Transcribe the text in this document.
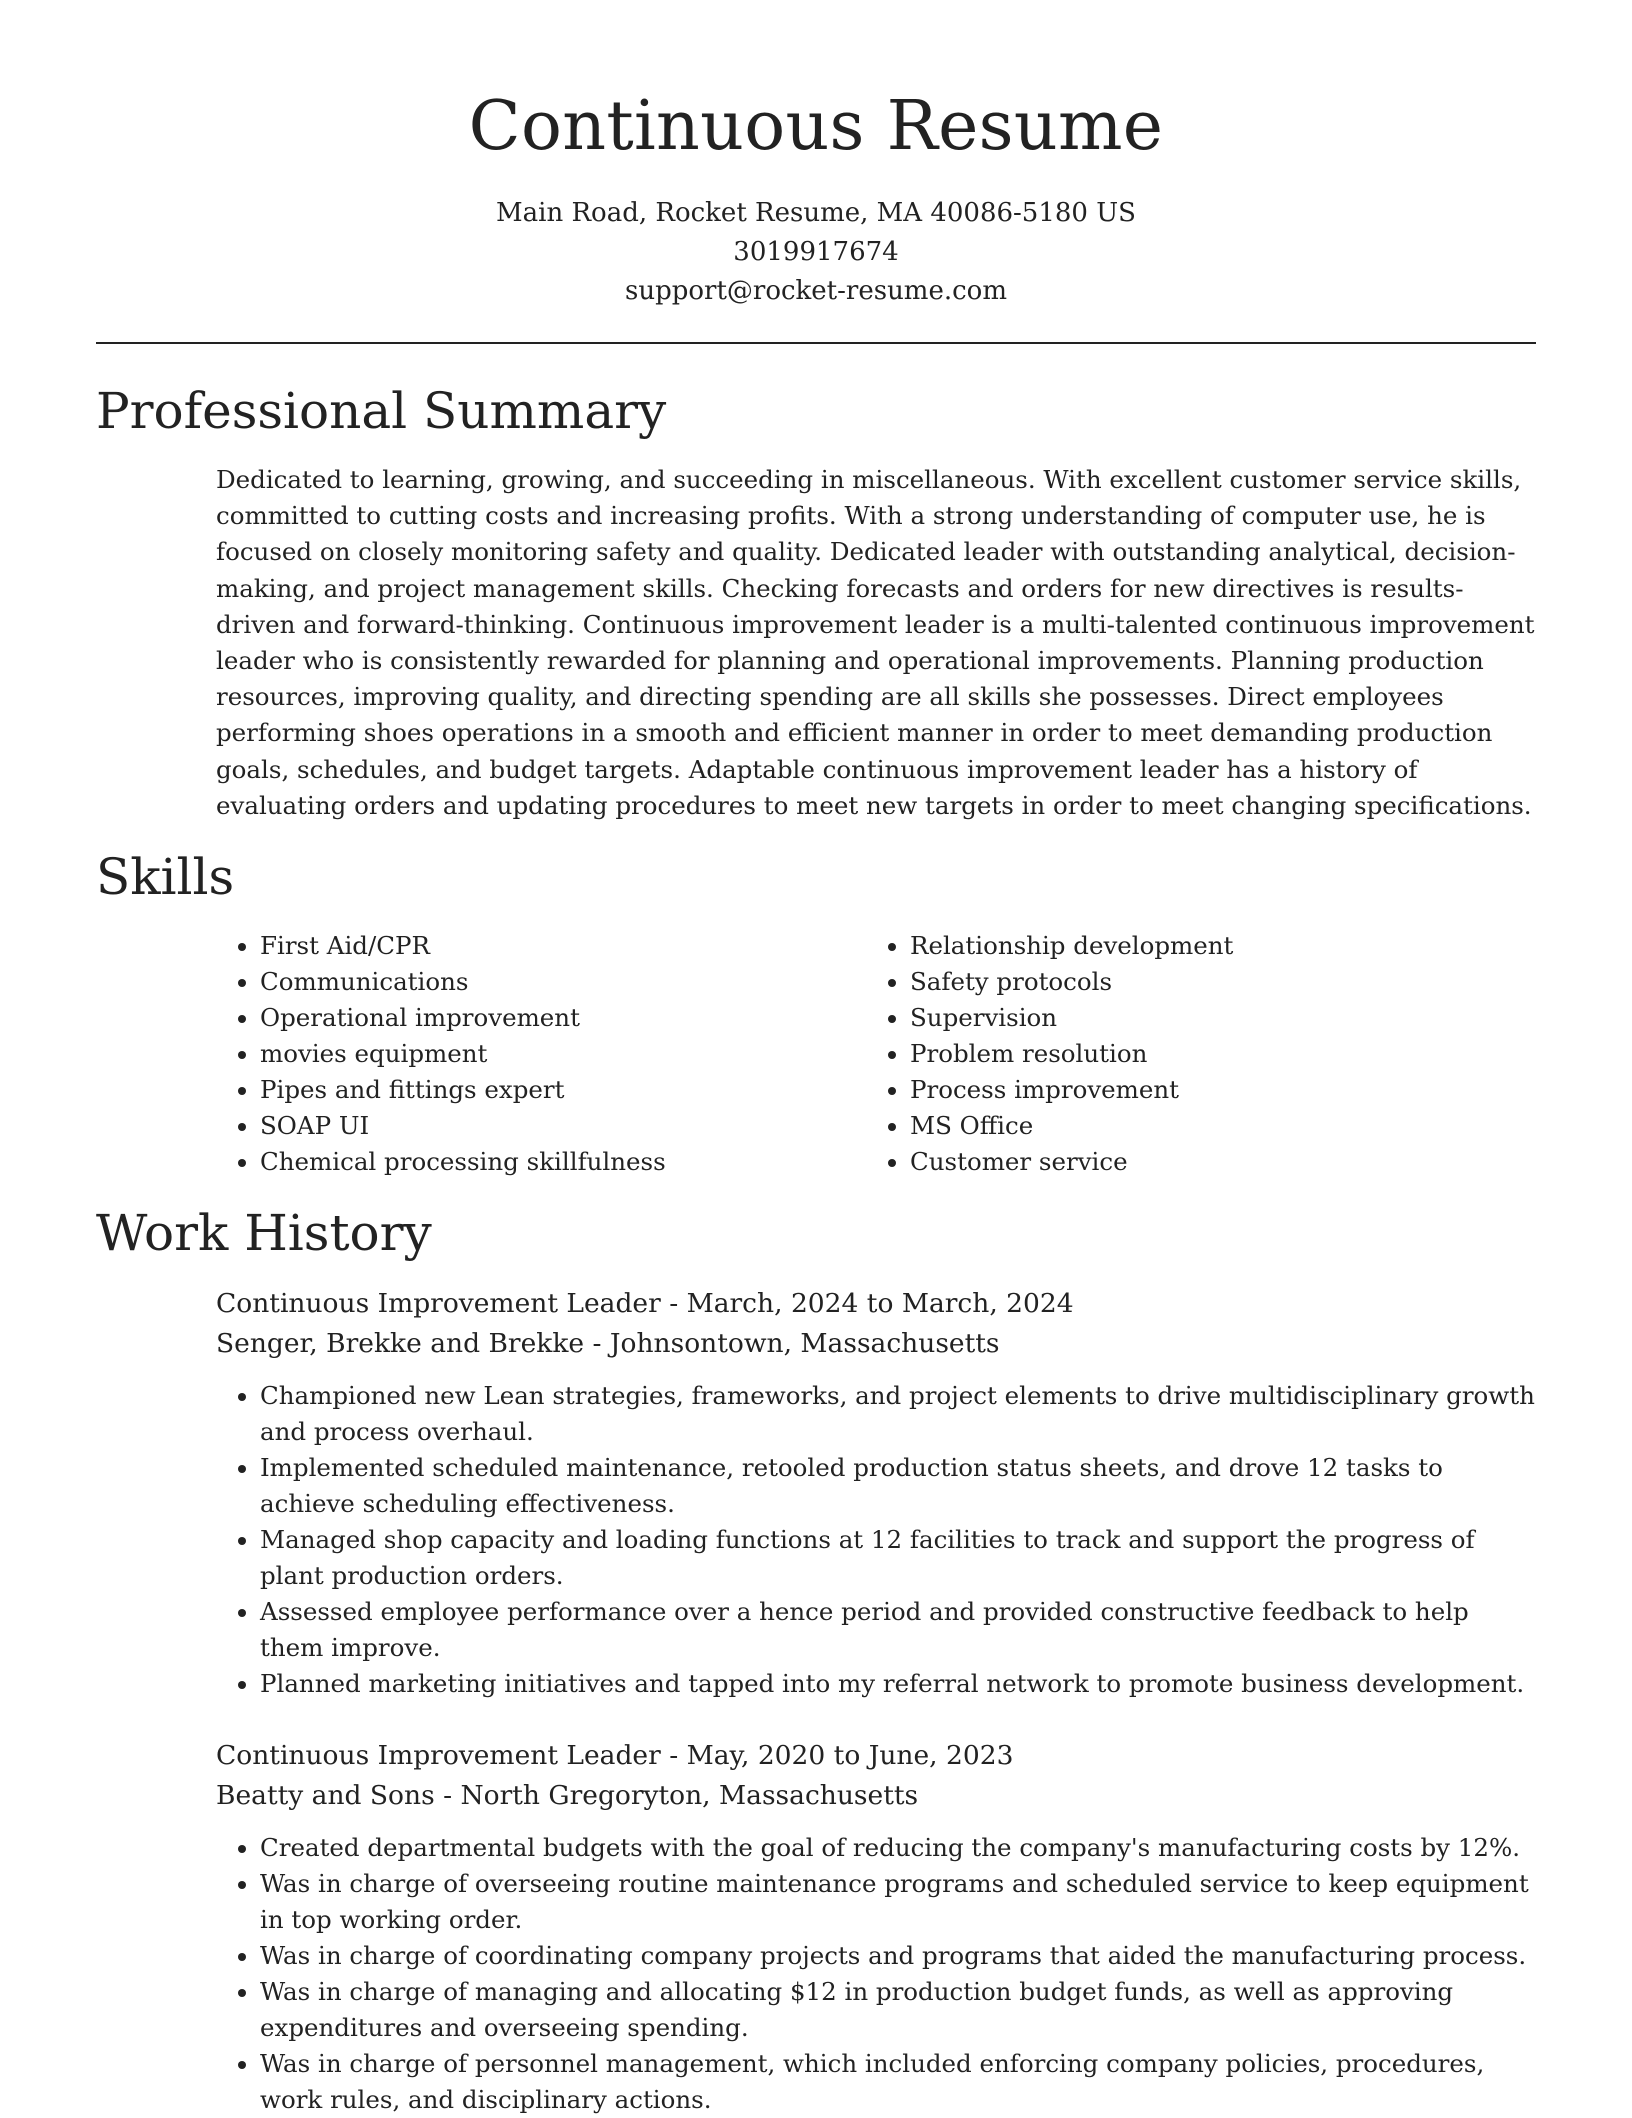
Continuous Resume
Main Road, Rocket Resume, MA 40086-5180 US
3019917674
support@rocket-resume.com
Professional Summary

Dedicated to learning, growing, and succeeding in miscellaneous. With excellent customer service skills, committed to cutting costs and increasing profits. With a strong understanding of computer use, he is focused on closely monitoring safety and quality. Dedicated leader with outstanding analytical, decision-making, and project management skills. Checking forecasts and orders for new directives is results-driven and forward-thinking. Continuous improvement leader is a multi-talented continuous improvement leader who is consistently rewarded for planning and operational improvements. Planning production resources, improving quality, and directing spending are all skills she possesses. Direct employees performing shoes operations in a smooth and efficient manner in order to meet demanding production goals, schedules, and budget targets. Adaptable continuous improvement leader has a history of evaluating orders and updating procedures to meet new targets in order to meet changing specifications.

Skills
• First Aid/CPR
• Communications
• Operational improvement
• movies equipment
• Pipes and fittings expert
• SOAP UI
• Chemical processing skillfulness
• Relationship development
• Safety protocols
• Supervision
• Problem resolution
• Process improvement
• MS Office
• Customer service
Work History
Continuous Improvement Leader - March, 2024 to March, 2024
Senger, Brekke and Brekke - Johnsontown, Massachusetts
• Championed new Lean strategies, frameworks, and project elements to drive multidisciplinary growth and process overhaul.
• Implemented scheduled maintenance, retooled production status sheets, and drove 12 tasks to achieve scheduling effectiveness.
• Managed shop capacity and loading functions at 12 facilities to track and support the progress of plant production orders.
• Assessed employee performance over a hence period and provided constructive feedback to help them improve.
• Planned marketing initiatives and tapped into my referral network to promote business development.
Continuous Improvement Leader - May, 2020 to June, 2023
Beatty and Sons - North Gregoryton, Massachusetts
• Created departmental budgets with the goal of reducing the company's manufacturing costs by 12%.
• Was in charge of overseeing routine maintenance programs and scheduled service to keep equipment in top working order.
• Was in charge of coordinating company projects and programs that aided the manufacturing process.
• Was in charge of managing and allocating $12 in production budget funds, as well as approving expenditures and overseeing spending.
• Was in charge of personnel management, which included enforcing company policies, procedures, work rules, and disciplinary actions.
